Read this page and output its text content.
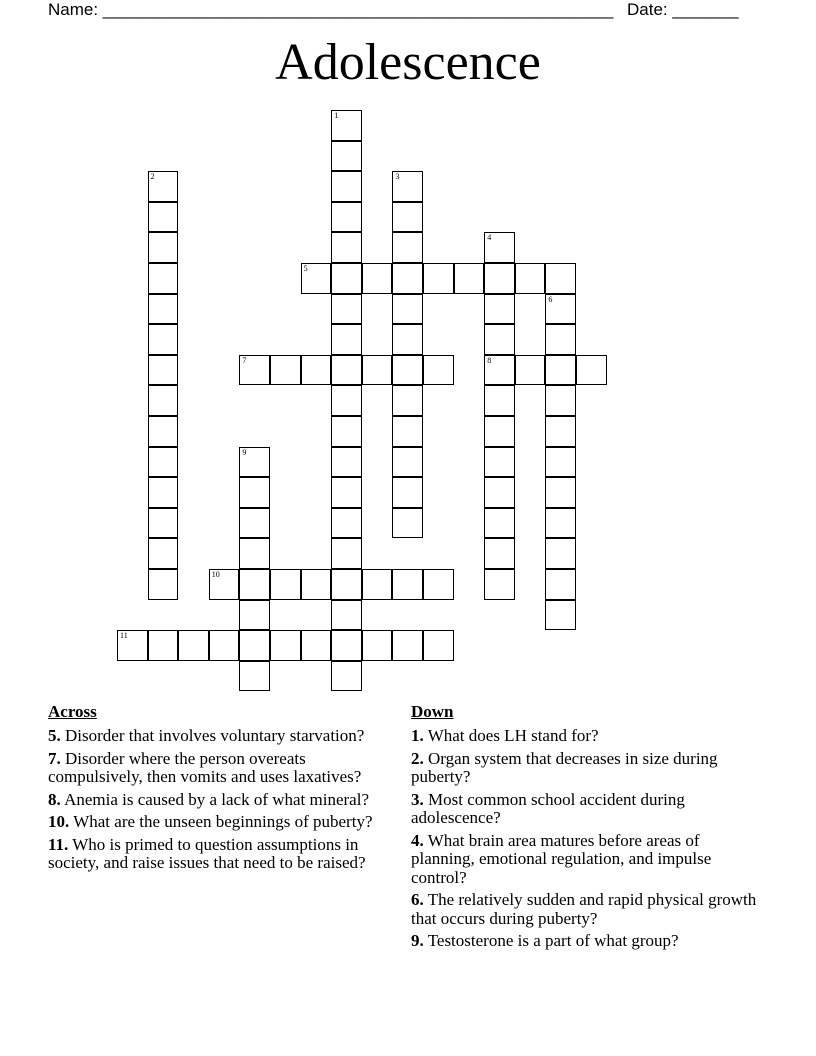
Name: ______________________________________________________ Date: _______
Adolescence
1
2	3
4
8
5
6
7
9
10
11
Across
5. Disorder that involves voluntary starvation?
7. Disorder where the person overeats compulsively, then vomits and uses laxatives?
8. Anemia is caused by a lack of what mineral?
10. What are the unseen beginnings of puberty?
11. Who is primed to question assumptions in society, and raise issues that need to be raised?
Down
1. What does LH stand for?
2. Organ system that decreases in size during puberty?
3. Most common school accident during adolescence?
4. What brain area matures before areas of planning, emotional regulation, and impulse control?
6. The relatively sudden and rapid physical growth that occurs during puberty?
9. Testosterone is a part of what group?
